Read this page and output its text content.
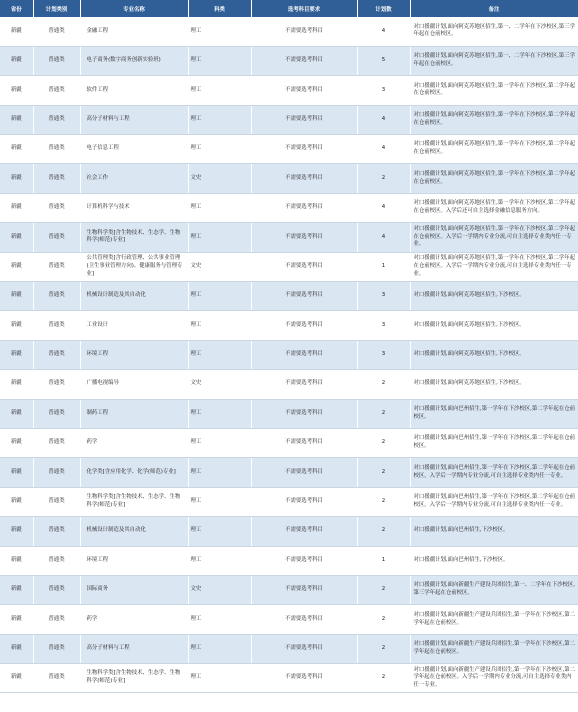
省份	计划类别	专业名称	科类	选考科目要求	计划数	备注
新疆	普通类	金融工程	理工	不需要选考科目	4	对口援疆计划,面向阿克苏地区招生,第一、二学年在下沙校区,第三学年起在仓前校区。
新疆	普通类	电子商务(数字商务创新实验班)	理工	不需要选考科目	5	对口援疆计划,面向阿克苏地区招生,第一、二学年在下沙校区,第三学年起在仓前校区。
新疆	普通类	软件工程	理工	不需要选考科目	3	对口援疆计划,面向阿克苏地区招生,第一学年在下沙校区,第二学年起在仓前校区。
新疆	普通类	高分子材料与工程	理工	不需要选考科目	4	对口援疆计划,面向阿克苏地区招生,第一学年在下沙校区,第二学年起在仓前校区。
新疆	普通类	电子信息工程	理工	不需要选考科目	4	对口援疆计划,面向阿克苏地区招生,第一学年在下沙校区,第二学年起在仓前校区。
新疆	普通类	社会工作	文史	不需要选考科目	2	对口援疆计划,面向阿克苏地区招生,第一学年在下沙校区,第二学年起在仓前校区。
新疆	普通类	计算机科学与技术	理工	不需要选考科目	4	对口援疆计划,面向阿克苏地区招生,第一学年在下沙校区,第二学年起在仓前校区。入学后还可自主选择金融信息服务方向。
新疆	普通类	生物科学类[含生物技术、生态学、生物科学(师范)专业]	理工	不需要选考科目	4	对口援疆计划,面向阿克苏地区招生,第一学年在下沙校区,第二学年起在仓前校区。入学后一学期内专业分流,可自主选择专业类内任一专业。
新疆	普通类	公共管理类[含行政管理、公共事业管理(卫生事业管理方向)、健康服务与管理专业]	文史	不需要选考科目	1	对口援疆计划,面向阿克苏地区招生,第一学年在下沙校区,第二学年起在仓前校区。入学后一学期内专业分流,可自主选择专业类内任一专业。
新疆	普通类	机械设计制造及其自动化	理工	不需要选考科目	3	对口援疆计划,面向阿克苏地区招生,下沙校区。
新疆	普通类	工业设计	理工	不需要选考科目	3	对口援疆计划,面向阿克苏地区招生,下沙校区。
新疆	普通类	环境工程	理工	不需要选考科目	3	对口援疆计划,面向阿克苏地区招生,下沙校区。
新疆	普通类	广播电视编导	文史	不需要选考科目	2	对口援疆计划,面向阿克苏地区招生,下沙校区。
新疆	普通类	制药工程	理工	不需要选考科目	2	对口援疆计划,面向巴州招生,第一学年在下沙校区,第二学年起在仓前校区。
新疆	普通类	药学	理工	不需要选考科目	2	对口援疆计划,面向巴州招生,第一学年在下沙校区,第二学年起在仓前校区。
新疆	普通类	化学类[含应用化学、化学(师范)专业]	理工	不需要选考科目	2	对口援疆计划,面向巴州招生,第一学年在下沙校区,第二学年起在仓前校区。入学后一学期内专业分流,可自主选择专业类内任一专业。
新疆	普通类	生物科学类[含生物技术、生态学、生物科学(师范)专业]	理工	不需要选考科目	2	对口援疆计划,面向巴州招生,第一学年在下沙校区,第二学年起在仓前校区。入学后一学期内专业分流,可自主选择专业类内任一专业。
新疆	普通类	机械设计制造及其自动化	理工	不需要选考科目	2	对口援疆计划,面向巴州招生,下沙校区。
新疆	普通类	环境工程	理工	不需要选考科目	1	对口援疆计划,面向巴州招生,下沙校区。
新疆	普通类	国际商务	文史	不需要选考科目	2	对口援疆计划,面向新疆生产建设兵团招生,第一、二学年在下沙校区,第三学年起在仓前校区。
新疆	普通类	药学	理工	不需要选考科目	2	对口援疆计划,面向新疆生产建设兵团招生,第一学年在下沙校区,第二学年起在仓前校区。
新疆	普通类	高分子材料与工程	理工	不需要选考科目	2	对口援疆计划,面向新疆生产建设兵团招生,第一学年在下沙校区,第二学年起在仓前校区。
新疆	普通类	生物科学类[含生物技术、生态学、生物科学(师范)专业]	理工	不需要选考科目	2	对口援疆计划,面向新疆生产建设兵团招生,第一学年在下沙校区,第二学年起在仓前校区。入学后一学期内专业分流,可自主选择专业类内任一专业。
